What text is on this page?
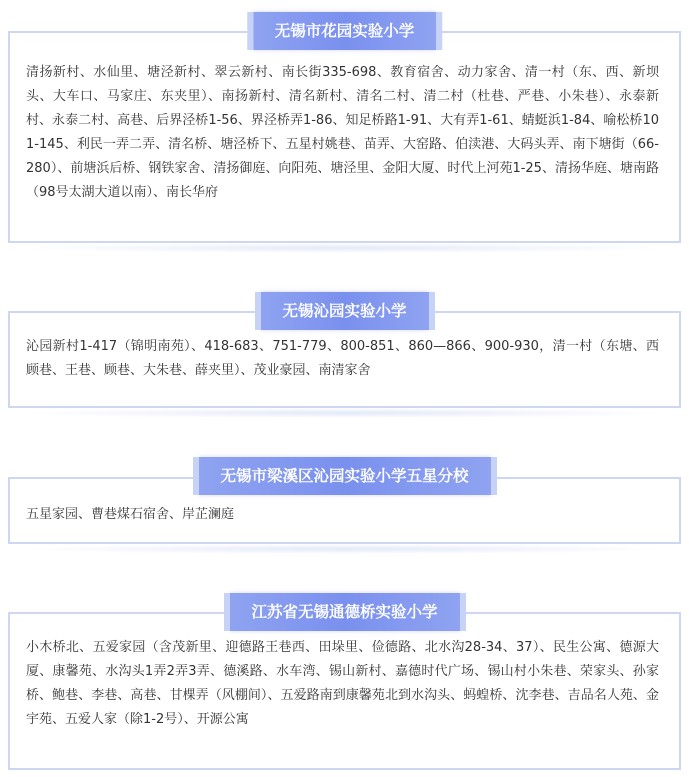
无锡市花园实验小学
清扬新村、水仙里、塘泾新村、翠云新村、南长街335-698、教育宿舍、动力家舍、清一村（东、西、新坝头、大车口、马家庄、东夹里）、南扬新村、清名新村、清名二村、清二村（杜巷、严巷、小朱巷）、永泰新村、永泰二村、高巷、后界泾桥1-56、界泾桥弄1-86、知足桥路1-91、大有弄1-61、蜻蜓浜1-84、喻松桥101-145、利民一弄二弄、清名桥、塘泾桥下、五星村姚巷、苗弄、大窑路、伯渎港、大码头弄、南下塘街（66-280）、前塘浜后桥、钢铁家舍、清扬御庭、向阳苑、塘泾里、金阳大厦、时代上河苑1-25、清扬华庭、塘南路（98号太湖大道以南）、南长华府
无锡沁园实验小学
沁园新村1-417（锦明南苑）、418-683、751-779、800-851、860—866、900-930，清一村（东塘、西顾巷、王巷、顾巷、大朱巷、薛夹里）、茂业豪园、南清家舍
无锡市梁溪区沁园实验小学五星分校
五星家园、曹巷煤石宿舍、岸芷澜庭
江苏省无锡通德桥实验小学
小木桥北、五爱家园（含茂新里、迎德路王巷西、田垛里、俭德路、北水沟28-34、37）、民生公寓、德源大厦、康馨苑、水沟头1弄2弄3弄、德溪路、水车湾、锡山新村、嘉德时代广场、锡山村小朱巷、荣家头、孙家桥、鲍巷、李巷、高巷、甘棵弄（风棚间）、五爱路南到康馨苑北到水沟头、蚂蝗桥、沈李巷、吉品名人苑、金宇苑、五爱人家（除1-2号）、开源公寓
